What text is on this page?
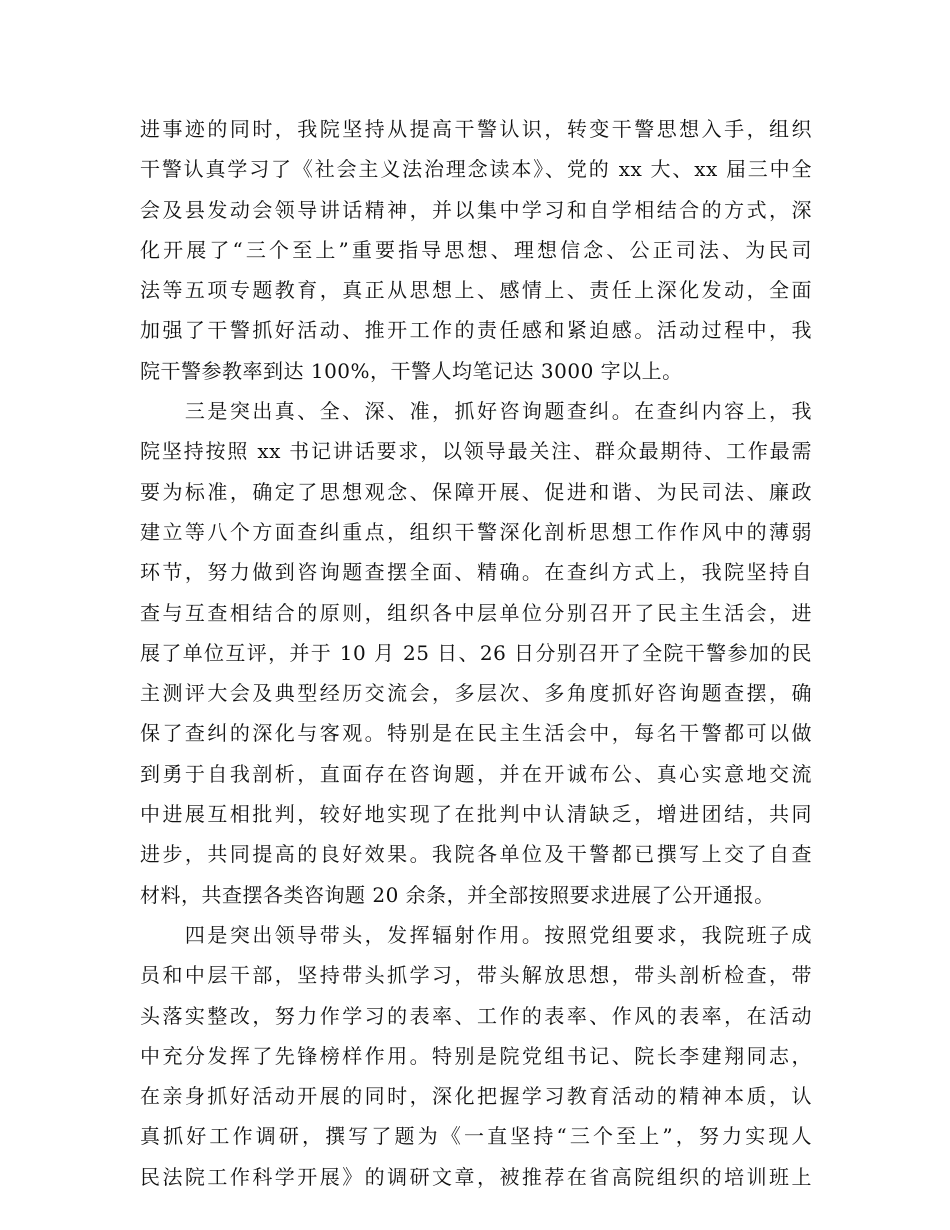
进事迹的同时，我院坚持从提高干警认识，转变干警思想入手，组织
干警认真学习了《社会主义法治理念读本》、党的 xx 大、xx 届三中全
会及县发动会领导讲话精神，并以集中学习和自学相结合的方式，深
化开展了“三个至上”重要指导思想、理想信念、公正司法、为民司
法等五项专题教育，真正从思想上、感情上、责任上深化发动，全面
加强了干警抓好活动、推开工作的责任感和紧迫感。活动过程中，我
院干警参教率到达 100%，干警人均笔记达 3000 字以上。
　　三是突出真、全、深、准，抓好咨询题查纠。在查纠内容上，我
院坚持按照 xx 书记讲话要求，以领导最关注、群众最期待、工作最需
要为标准，确定了思想观念、保障开展、促进和谐、为民司法、廉政
建立等八个方面查纠重点，组织干警深化剖析思想工作作风中的薄弱
环节，努力做到咨询题查摆全面、精确。在查纠方式上，我院坚持自
查与互查相结合的原则，组织各中层单位分别召开了民主生活会，进
展了单位互评，并于 10 月 25 日、26 日分别召开了全院干警参加的民
主测评大会及典型经历交流会，多层次、多角度抓好咨询题查摆，确
保了查纠的深化与客观。特别是在民主生活会中，每名干警都可以做
到勇于自我剖析，直面存在咨询题，并在开诚布公、真心实意地交流
中进展互相批判，较好地实现了在批判中认清缺乏，增进团结，共同
进步，共同提高的良好效果。我院各单位及干警都已撰写上交了自查
材料，共查摆各类咨询题 20 余条，并全部按照要求进展了公开通报。
　　四是突出领导带头，发挥辐射作用。按照党组要求，我院班子成
员和中层干部，坚持带头抓学习，带头解放思想，带头剖析检查，带
头落实整改，努力作学习的表率、工作的表率、作风的表率，在活动
中充分发挥了先锋榜样作用。特别是院党组书记、院长李建翔同志，
在亲身抓好活动开展的同时，深化把握学习教育活动的精神本质，认
真抓好工作调研，撰写了题为《一直坚持“三个至上”，努力实现人
民法院工作科学开展》的调研文章，被推荐在省高院组织的培训班上
